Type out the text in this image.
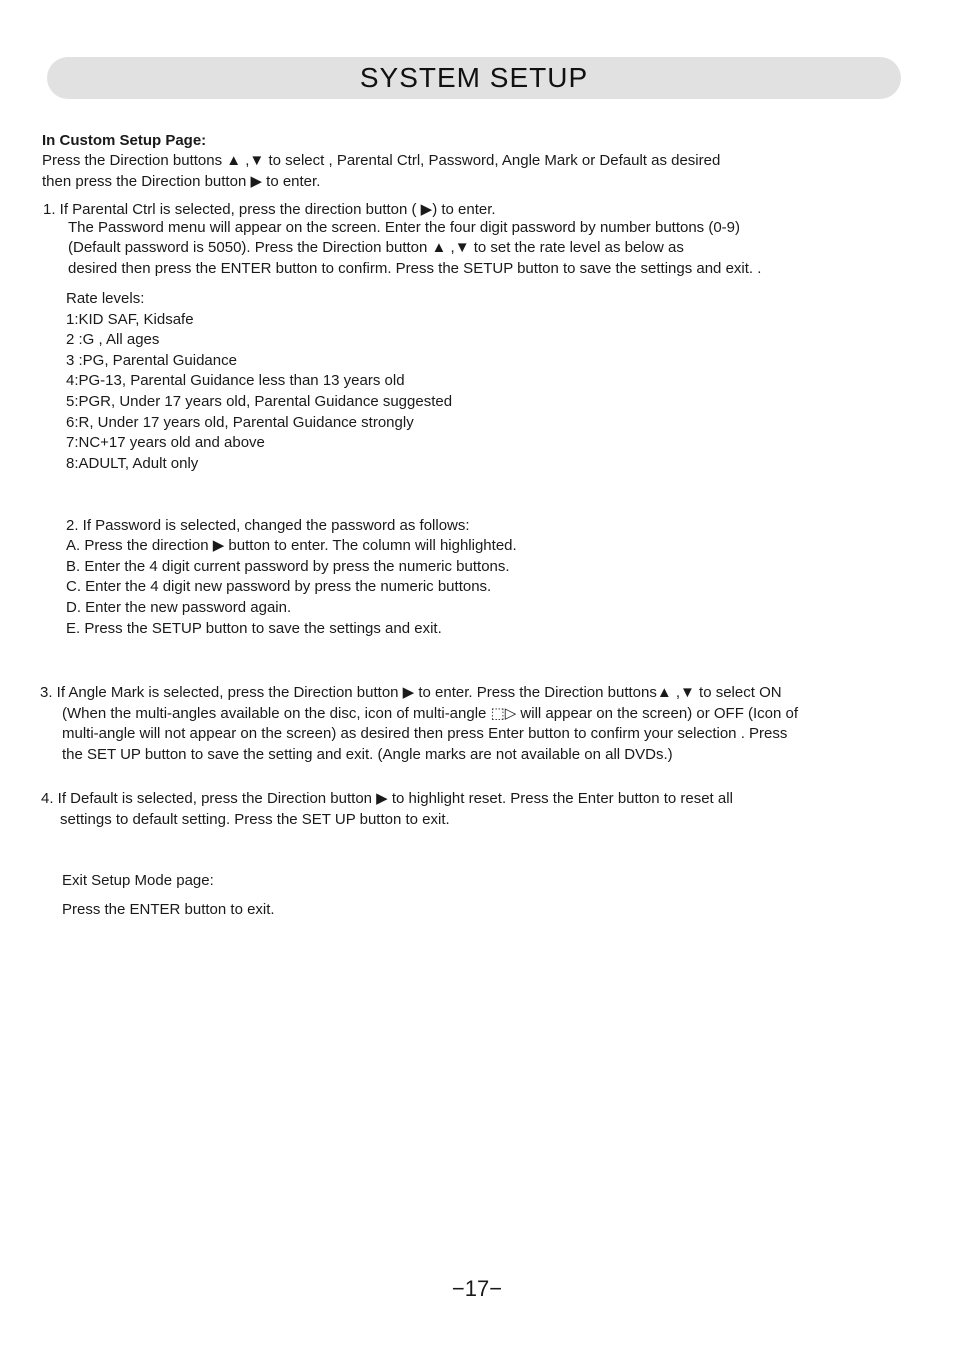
SYSTEM SETUP
In Custom Setup Page:
Press the Direction buttons ▲ ,▼ to select , Parental Ctrl, Password, Angle Mark or Default as desired
then press the Direction button ▶ to enter.
1. If Parental Ctrl is selected, press the direction button ( ▶) to enter.
The Password menu will appear on the screen. Enter the four digit password by number buttons (0-9)
(Default password is 5050). Press the Direction button ▲ ,▼ to set the rate level as below as
desired then press the ENTER button to confirm. Press the SETUP button to save the settings and exit. .
Rate levels:
1:KID SAF, Kidsafe
2 :G , All ages
3 :PG, Parental Guidance
4:PG-13, Parental Guidance less than 13 years old
5:PGR, Under 17 years old, Parental Guidance suggested
6:R, Under 17 years old, Parental Guidance strongly
7:NC+17 years old and above
8:ADULT, Adult only
2. If Password is selected, changed the password as follows:
A. Press the direction ▶ button to enter. The column will highlighted.
B. Enter the 4 digit current password by press the numeric buttons.
C. Enter the 4 digit new password by press the numeric buttons.
D. Enter the new password again.
E. Press the SETUP button to save the settings and exit.
3. If Angle Mark is selected, press the Direction button ▶ to enter. Press the Direction buttons▲ ,▼ to select ON
(When the multi-angles available on the disc, icon of multi-angle ⬚▷ will appear on the screen) or OFF (Icon of
multi-angle will not appear on the screen) as desired then press Enter button to confirm your selection . Press
the SET UP button to save the setting and exit. (Angle marks are not available on all DVDs.)
4. If Default is selected, press the Direction button ▶ to highlight reset. Press the Enter button to reset all
settings to default setting. Press the SET UP button to exit.
Exit Setup Mode page:
Press the ENTER button to exit.
−17−
